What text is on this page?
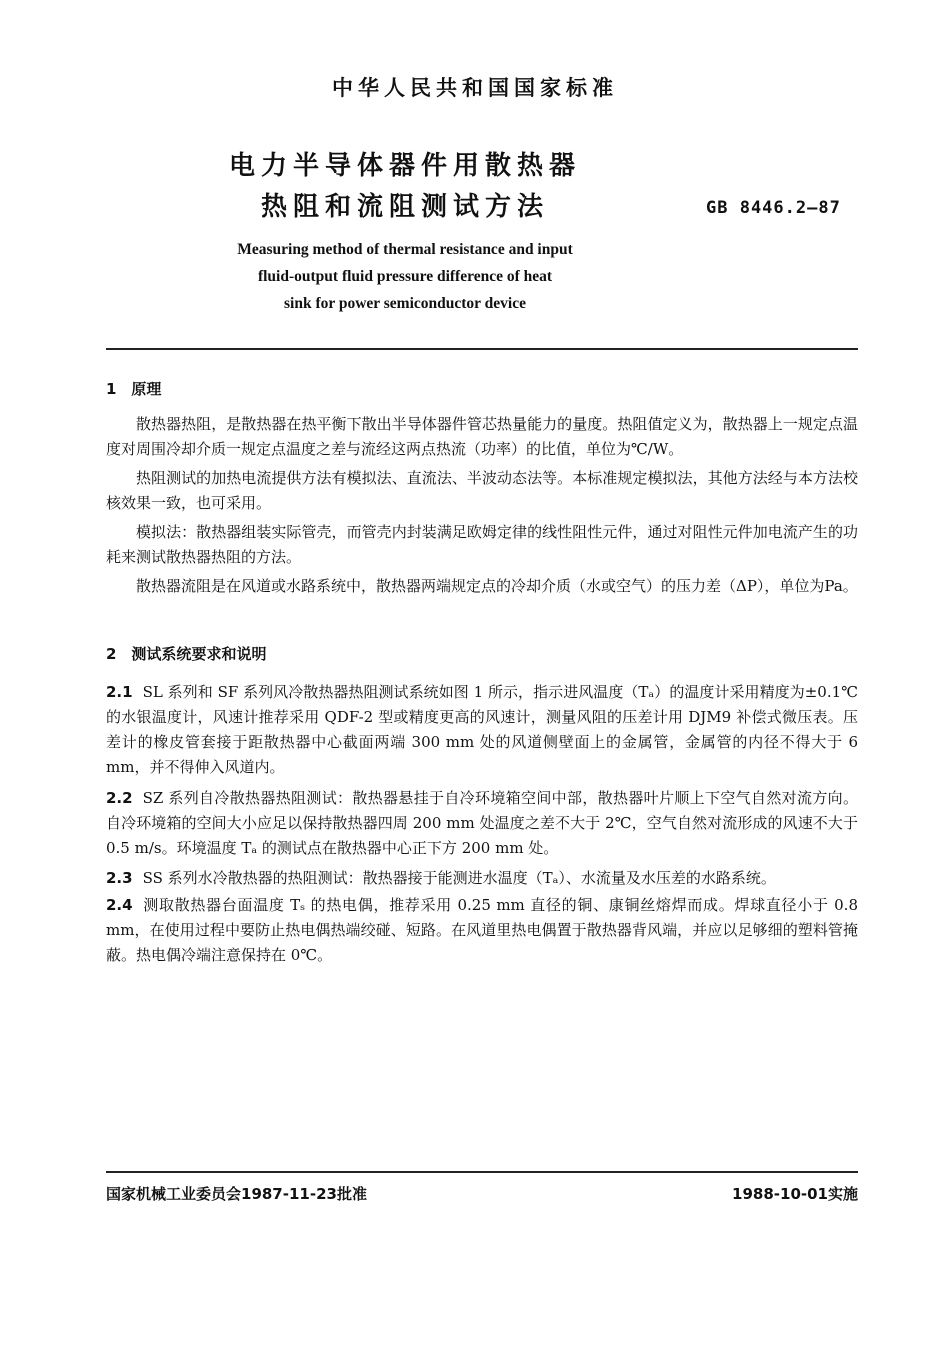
中华人民共和国国家标准
电力半导体器件用散热器
热阻和流阻测试方法	GB 8446.2—87
Measuring method of thermal resistance and input
fluid-output fluid pressure difference of heat
sink for power semiconductor device
1　原理
散热器热阻，是散热器在热平衡下散出半导体器件管芯热量能力的量度。热阻值定义为，散热器上一规定点温度对周围冷却介质一规定点温度之差与流经这两点热流（功率）的比值，单位为℃/W。
热阻测试的加热电流提供方法有模拟法、直流法、半波动态法等。本标准规定模拟法，其他方法经与本方法校核效果一致，也可采用。
模拟法：散热器组装实际管壳，而管壳内封装满足欧姆定律的线性阻性元件，通过对阻性元件加电流产生的功耗来测试散热器热阻的方法。
散热器流阻是在风道或水路系统中，散热器两端规定点的冷却介质（水或空气）的压力差（ΔP），单位为Pa。
2　测试系统要求和说明
2.1 SL 系列和 SF 系列风冷散热器热阻测试系统如图 1 所示，指示进风温度（Tₐ）的温度计采用精度为±0.1℃的水银温度计，风速计推荐采用 QDF-2 型或精度更高的风速计，测量风阻的压差计用 DJM9 补偿式微压表。压差计的橡皮管套接于距散热器中心截面两端 300 mm 处的风道侧壁面上的金属管，金属管的内径不得大于 6 mm，并不得伸入风道内。
2.2 SZ 系列自冷散热器热阻测试：散热器悬挂于自冷环境箱空间中部，散热器叶片顺上下空气自然对流方向。自冷环境箱的空间大小应足以保持散热器四周 200 mm 处温度之差不大于 2℃，空气自然对流形成的风速不大于 0.5 m/s。环境温度 Tₐ 的测试点在散热器中心正下方 200 mm 处。
2.3 SS 系列水冷散热器的热阻测试：散热器接于能测进水温度（Tₐ）、水流量及水压差的水路系统。
2.4 测取散热器台面温度 Tₛ 的热电偶，推荐采用 0.25 mm 直径的铜、康铜丝熔焊而成。焊球直径小于 0.8 mm，在使用过程中要防止热电偶热端绞碰、短路。在风道里热电偶置于散热器背风端，并应以足够细的塑料管掩蔽。热电偶冷端注意保持在 0℃。
国家机械工业委员会1987-11-23批准	1988-10-01实施
